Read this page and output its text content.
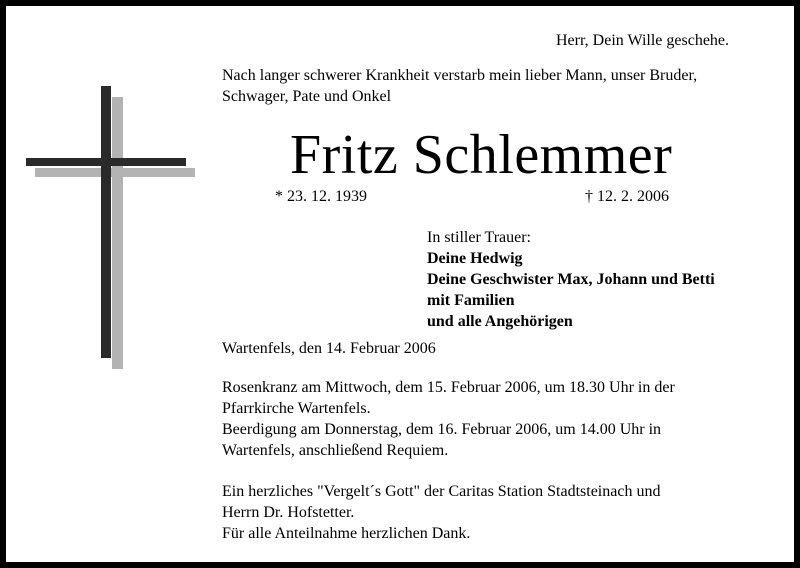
Herr, Dein Wille geschehe.
Nach langer schwerer Krankheit verstarb mein lieber Mann, unser Bruder,
Schwager, Pate und Onkel
Fritz Schlemmer
* 23. 12. 1939	† 12. 2. 2006
In stiller Trauer:
Deine Hedwig
Deine Geschwister Max, Johann und Betti
mit Familien
und alle Angehörigen
Wartenfels, den 14. Februar 2006
Rosenkranz am Mittwoch, dem 15. Februar 2006, um 18.30 Uhr in der
Pfarrkirche Wartenfels.
Beerdigung am Donnerstag, dem 16. Februar 2006, um 14.00 Uhr in
Wartenfels, anschließend Requiem.
Ein herzliches "Vergelt´s Gott" der Caritas Station Stadtsteinach und
Herrn Dr. Hofstetter.
Für alle Anteilnahme herzlichen Dank.
